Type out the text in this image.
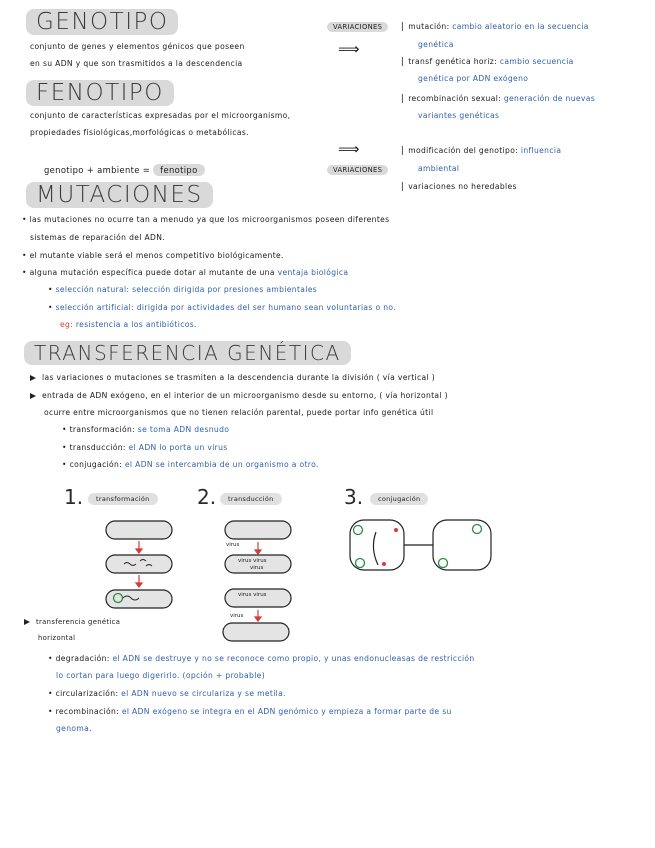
GENOTIPO
conjunto de genes y elementos génicos que poseen
en su ADN y que son trasmitidos a la descendencia
VARIACIONES
⟹
▏mutación: cambio aleatorio en la secuencia
genética
▏transf genética horiz: cambio secuencia
genética por ADN exógeno
▏recombinación sexual: generación de nuevas
variantes genéticas
FENOTIPO
conjunto de características expresadas por el microorganismo,
propiedades fisiológicas,morfológicas o metabólicas.
genotipo + ambiente = fenotipo
⟹
VARIACIONES
▏modificación del genotipo: influencia
ambiental
▏variaciones no heredables
MUTACIONES
• las mutaciones no ocurre tan a menudo ya que los microorganismos poseen diferentes
sistemas de reparación del ADN.
• el mutante viable será el menos competitivo biológicamente.
• alguna mutación específica puede dotar al mutante de una ventaja biológica
• selección natural: selección dirigida por presiones ambientales
• selección artificial: dirigida por actividades del ser humano sean voluntarias o no.
eg: resistencia a los antibióticos.
TRANSFERENCIA GENÉTICA
las variaciones o mutaciones se trasmiten a la descendencia durante la división ( vía vertical )
entrada de ADN exógeno, en el interior de un microorganismo desde su entorno, ( vía horizontal )
ocurre entre microorganismos que no tienen relación parental, puede portar info genética útil
• transformación: se toma ADN desnudo
• transducción: el ADN lo porta un virus
• conjugación: el ADN se intercambia de un organismo a otro.
1.	transformación	2.	transducción	3.	conjugación
virus
virus virus
virus
virus virus
virus
transferencia genética
horizontal
• degradación: el ADN se destruye y no se reconoce como propio, y unas endonucleasas de restricción
lo cortan para luego digerirlo. (opción + probable)
• circularización: el ADN nuevo se circulariza y se metila.
• recombinación: el ADN exógeno se integra en el ADN genómico y empieza a formar parte de su
genoma.
